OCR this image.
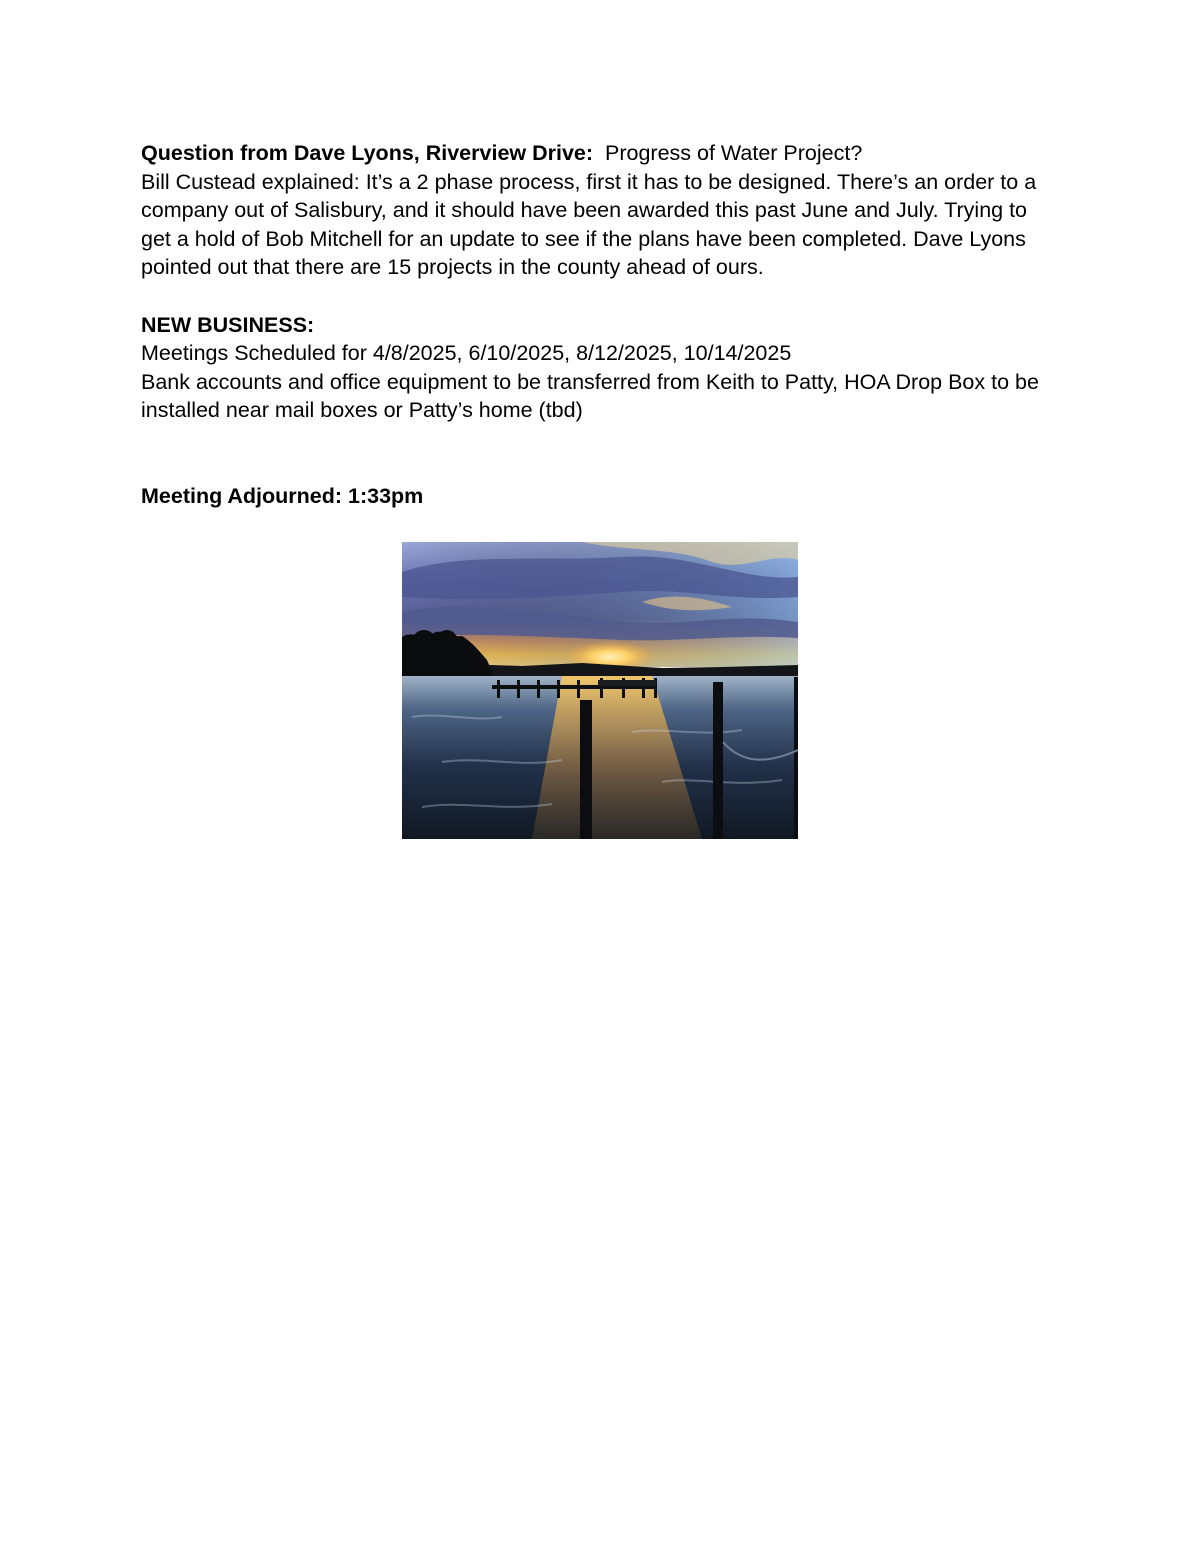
Question from Dave Lyons, Riverview Drive: Progress of Water Project?

Bill Custead explained: It’s a 2 phase process, first it has to be designed. There’s an order to a company out of Salisbury, and it should have been awarded this past June and July. Trying to get a hold of Bob Mitchell for an update to see if the plans have been completed. Dave Lyons pointed out that there are 15 projects in the county ahead of ours.

NEW BUSINESS:

Meetings Scheduled for 4/8/2025, 6/10/2025, 8/12/2025, 10/14/2025

Bank accounts and office equipment to be transferred from Keith to Patty, HOA Drop Box to be installed near mail boxes or Patty’s home (tbd)

Meeting Adjourned: 1:33pm
